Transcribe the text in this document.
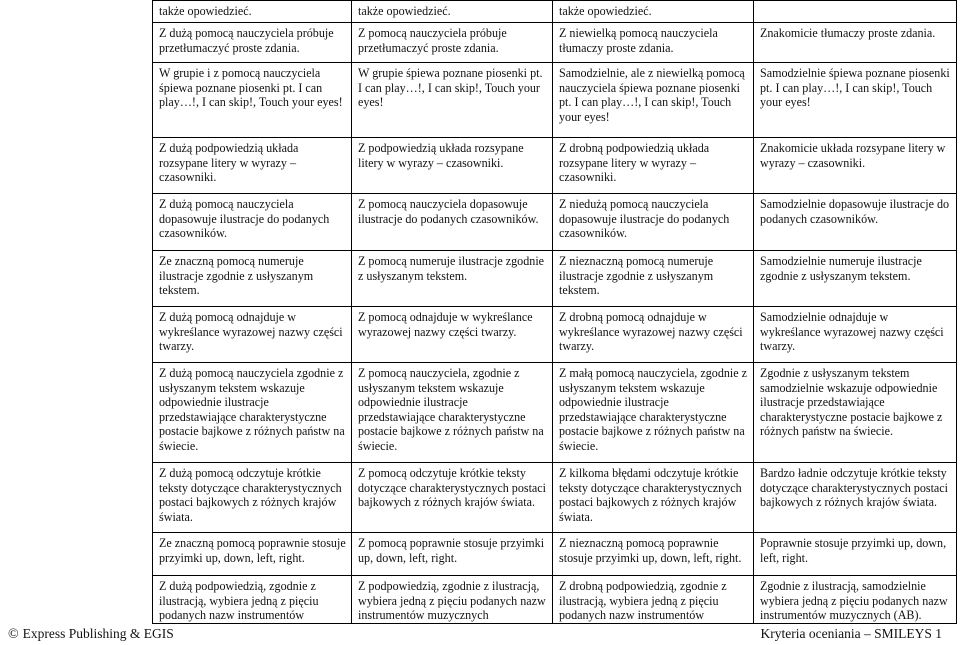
także opowiedzieć.	także opowiedzieć.	także opowiedzieć.	
Z dużą pomocą nauczyciela próbuje przetłumaczyć proste zdania.	Z pomocą nauczyciela próbuje przetłumaczyć proste zdania.	Z niewielką pomocą nauczyciela tłumaczy proste zdania.	Znakomicie tłumaczy proste zdania.
W grupie i z pomocą nauczyciela śpiewa poznane piosenki pt. I can play…!, I can skip!, Touch your eyes!	W grupie śpiewa poznane piosenki pt. I can play…!, I can skip!, Touch your eyes!	Samodzielnie, ale z niewielką pomocą nauczyciela śpiewa poznane piosenki pt. I can play…!, I can skip!, Touch your eyes!	Samodzielnie śpiewa poznane piosenki pt. I can play…!, I can skip!, Touch your eyes!
Z dużą podpowiedzią układa rozsypane litery w wyrazy – czasowniki.	Z podpowiedzią układa rozsypane litery w wyrazy – czasowniki.	Z drobną podpowiedzią układa rozsypane litery w wyrazy – czasowniki.	Znakomicie układa rozsypane litery w wyrazy – czasowniki.
Z dużą pomocą nauczyciela dopasowuje ilustracje do podanych czasowników.	Z pomocą nauczyciela dopasowuje ilustracje do podanych czasowników.	Z niedużą pomocą nauczyciela dopasowuje ilustracje do podanych czasowników.	Samodzielnie dopasowuje ilustracje do podanych czasowników.
Ze znaczną pomocą numeruje ilustracje zgodnie z usłyszanym tekstem.	Z pomocą numeruje ilustracje zgodnie z usłyszanym tekstem.	Z nieznaczną pomocą numeruje ilustracje zgodnie z usłyszanym tekstem.	Samodzielnie numeruje ilustracje zgodnie z usłyszanym tekstem.
Z dużą pomocą odnajduje w wykreślance wyrazowej nazwy części twarzy.	Z pomocą odnajduje w wykreślance wyrazowej nazwy części twarzy.	Z drobną pomocą odnajduje w wykreślance wyrazowej nazwy części twarzy.	Samodzielnie odnajduje w wykreślance wyrazowej nazwy części twarzy.
Z dużą pomocą nauczyciela zgodnie z usłyszanym tekstem wskazuje odpowiednie ilustracje przedstawiające charakterystyczne postacie bajkowe z różnych państw na świecie.	Z pomocą nauczyciela, zgodnie z usłyszanym tekstem wskazuje odpowiednie ilustracje przedstawiające charakterystyczne postacie bajkowe z różnych państw na świecie.	Z małą pomocą nauczyciela, zgodnie z usłyszanym tekstem wskazuje odpowiednie ilustracje przedstawiające charakterystyczne postacie bajkowe z różnych państw na świecie.	Zgodnie z usłyszanym tekstem samodzielnie wskazuje odpowiednie ilustracje przedstawiające charakterystyczne postacie bajkowe z różnych państw na świecie.
Z dużą pomocą odczytuje krótkie teksty dotyczące charakterystycznych postaci bajkowych z różnych krajów świata.	Z pomocą odczytuje krótkie teksty dotyczące charakterystycznych postaci bajkowych z różnych krajów świata.	Z kilkoma błędami odczytuje krótkie teksty dotyczące charakterystycznych postaci bajkowych z różnych krajów świata.	Bardzo ładnie odczytuje krótkie teksty dotyczące charakterystycznych postaci bajkowych z różnych krajów świata.
Ze znaczną pomocą poprawnie stosuje przyimki up, down, left, right.	Z pomocą poprawnie stosuje przyimki up, down, left, right.	Z nieznaczną pomocą poprawnie stosuje przyimki up, down, left, right.	Poprawnie stosuje przyimki up, down, left, right.
Z dużą podpowiedzią, zgodnie z ilustracją, wybiera jedną z pięciu podanych nazw instrumentów	Z podpowiedzią, zgodnie z ilustracją, wybiera jedną z pięciu podanych nazw instrumentów muzycznych	Z drobną podpowiedzią, zgodnie z ilustracją, wybiera jedną z pięciu podanych nazw instrumentów	Zgodnie z ilustracją, samodzielnie wybiera jedną z pięciu podanych nazw instrumentów muzycznych (AB).
© Express Publishing & EGIS	Kryteria oceniania – SMILEYS 1
